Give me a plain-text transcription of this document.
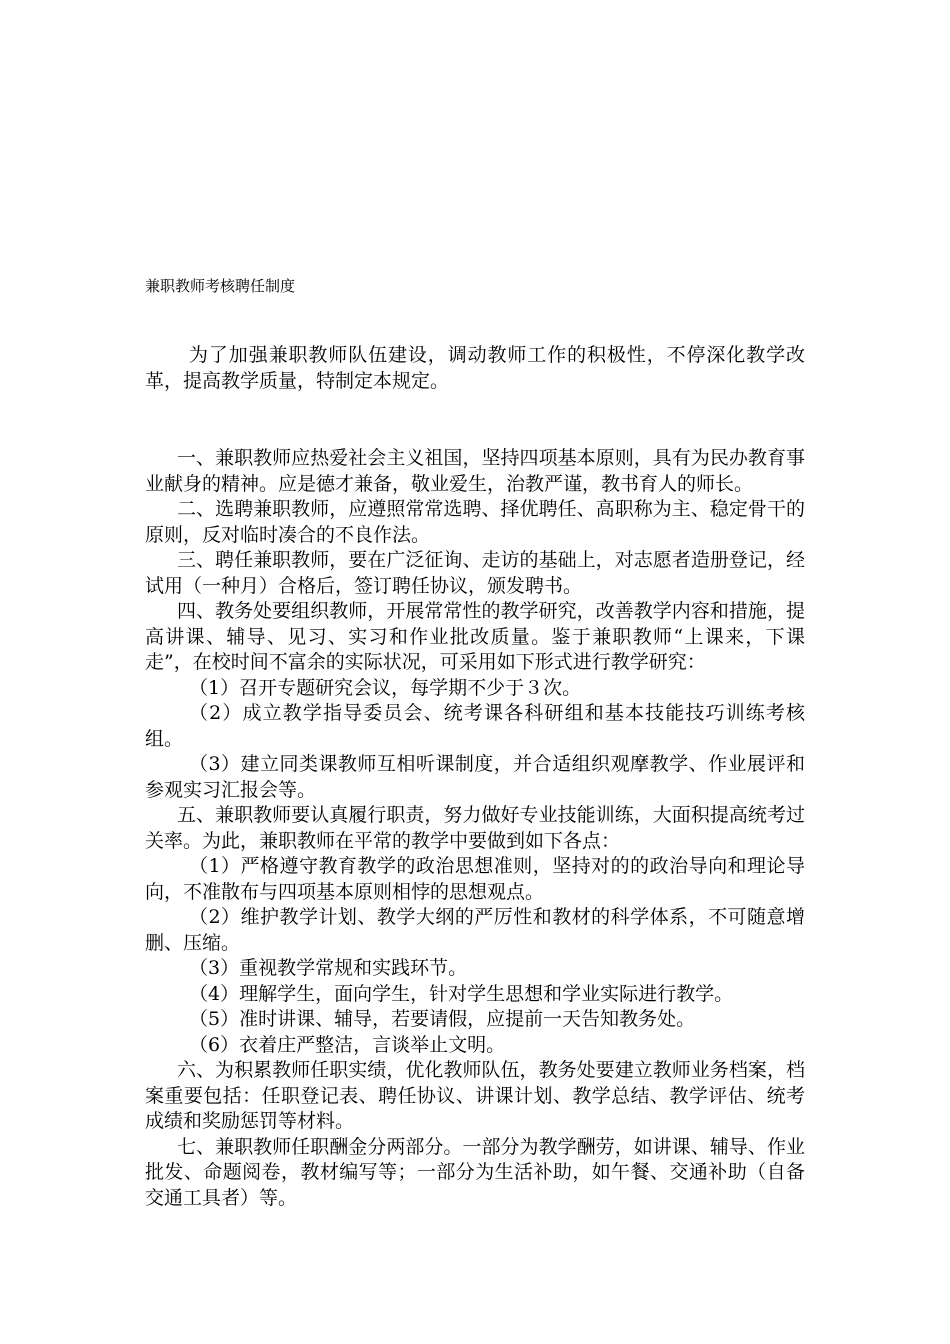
兼职教师考核聘任制度

为了加强兼职教师队伍建设，调动教师工作的积极性，不停深化教学改革，提高教学质量，特制定本规定。

一、兼职教师应热爱社会主义祖国，坚持四项基本原则，具有为民办教育事业献身的精神。应是德才兼备，敬业爱生，治教严谨，教书育人的师长。

二、选聘兼职教师，应遵照常常选聘、择优聘任、高职称为主、稳定骨干的原则，反对临时凑合的不良作法。

三、聘任兼职教师，要在广泛征询、走访的基础上，对志愿者造册登记，经试用（一种月）合格后，签订聘任协议，颁发聘书。

四、教务处要组织教师，开展常常性的教学研究，改善教学内容和措施，提高讲课、辅导、见习、实习和作业批改质量。鉴于兼职教师“上课来，下课走”，在校时间不富余的实际状况，可采用如下形式进行教学研究：

（1）召开专题研究会议，每学期不少于３次。

（2）成立教学指导委员会、统考课各科研组和基本技能技巧训练考核组。

（3）建立同类课教师互相听课制度，并合适组织观摩教学、作业展评和参观实习汇报会等。

五、兼职教师要认真履行职责，努力做好专业技能训练，大面积提高统考过关率。为此，兼职教师在平常的教学中要做到如下各点：

（1）严格遵守教育教学的政治思想准则，坚持对的的政治导向和理论导向，不准散布与四项基本原则相悖的思想观点。

（2）维护教学计划、教学大纲的严厉性和教材的科学体系，不可随意增删、压缩。

（3）重视教学常规和实践环节。

（4）理解学生，面向学生，针对学生思想和学业实际进行教学。

（5）准时讲课、辅导，若要请假，应提前一天告知教务处。

（6）衣着庄严整洁，言谈举止文明。

六、为积累教师任职实绩，优化教师队伍，教务处要建立教师业务档案，档案重要包括：任职登记表、聘任协议、讲课计划、教学总结、教学评估、统考成绩和奖励惩罚等材料。

七、兼职教师任职酬金分两部分。一部分为教学酬劳，如讲课、辅导、作业批发、命题阅卷，教材编写等；一部分为生活补助，如午餐、交通补助（自备交通工具者）等。
